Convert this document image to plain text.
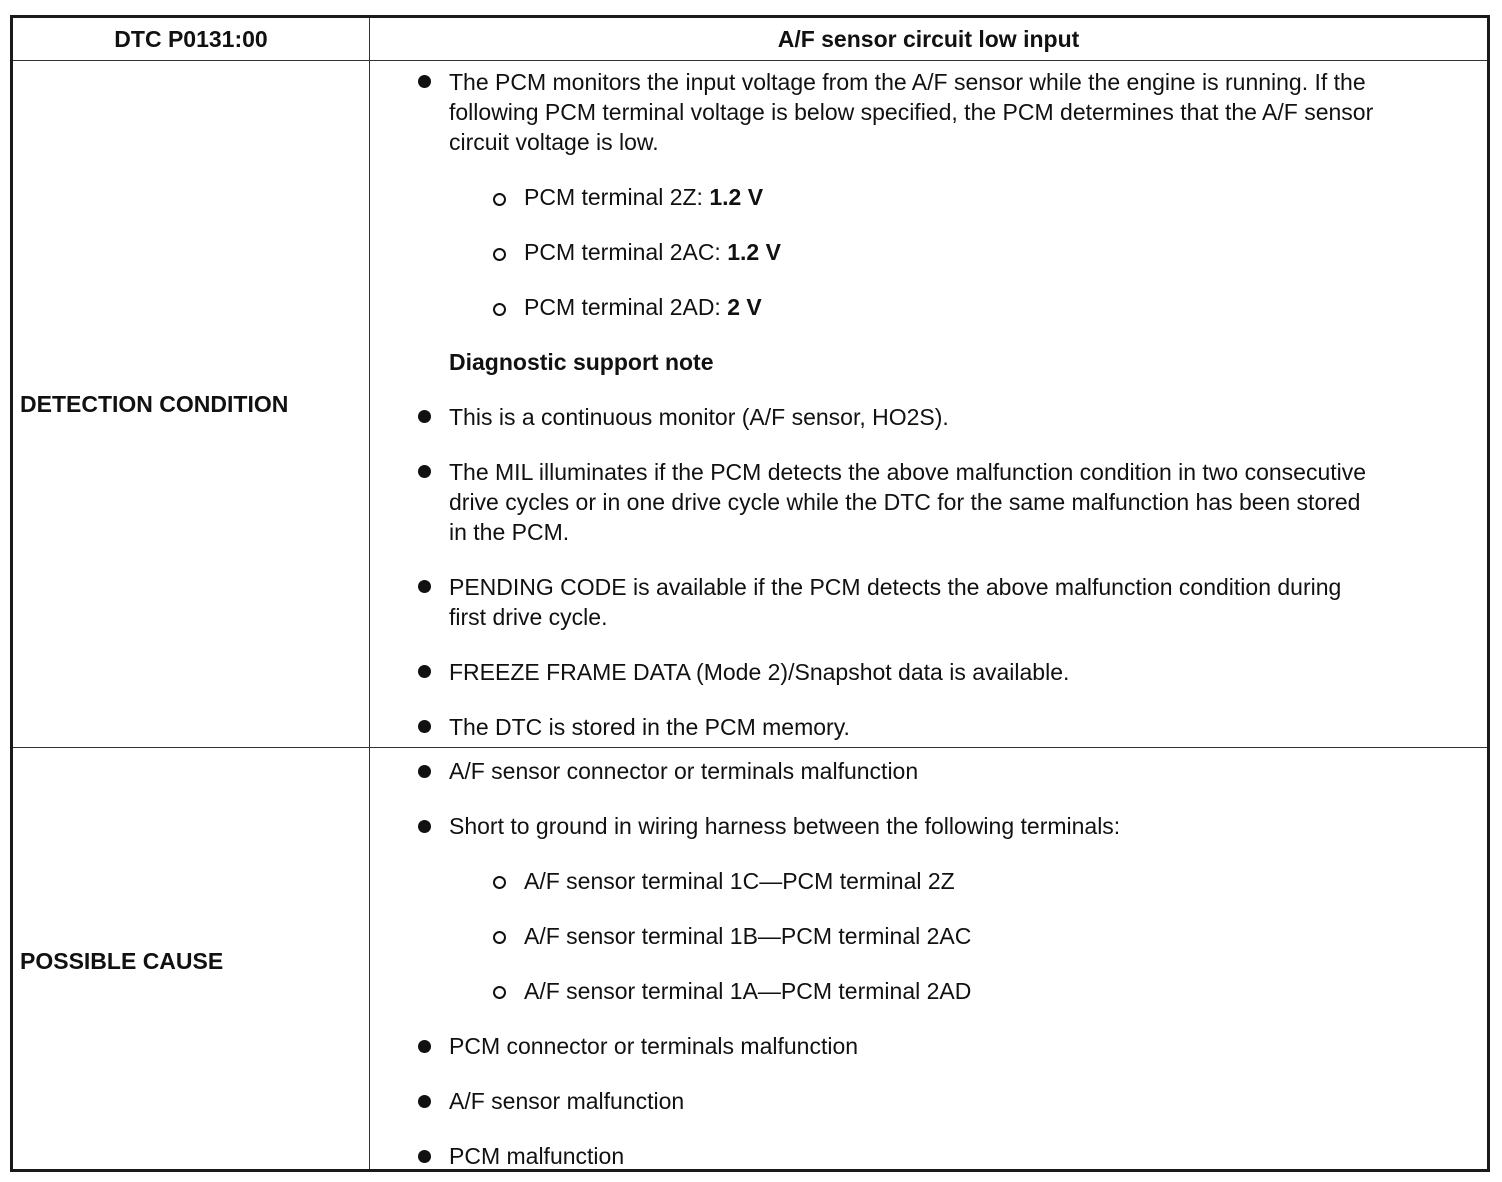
DTC P0131:00	A/F sensor circuit low input
DETECTION CONDITION
The PCM monitors the input voltage from the A/F sensor while the engine is running. If the
following PCM terminal voltage is below specified, the PCM determines that the A/F sensor
circuit voltage is low.
PCM terminal 2Z: 1.2 V
PCM terminal 2AC: 1.2 V
PCM terminal 2AD: 2 V
Diagnostic support note
This is a continuous monitor (A/F sensor, HO2S).
The MIL illuminates if the PCM detects the above malfunction condition in two consecutive
drive cycles or in one drive cycle while the DTC for the same malfunction has been stored
in the PCM.
PENDING CODE is available if the PCM detects the above malfunction condition during
first drive cycle.
FREEZE FRAME DATA (Mode 2)/Snapshot data is available.
The DTC is stored in the PCM memory.
POSSIBLE CAUSE
A/F sensor connector or terminals malfunction
Short to ground in wiring harness between the following terminals:
A/F sensor terminal 1C—PCM terminal 2Z
A/F sensor terminal 1B—PCM terminal 2AC
A/F sensor terminal 1A—PCM terminal 2AD
PCM connector or terminals malfunction
A/F sensor malfunction
PCM malfunction
